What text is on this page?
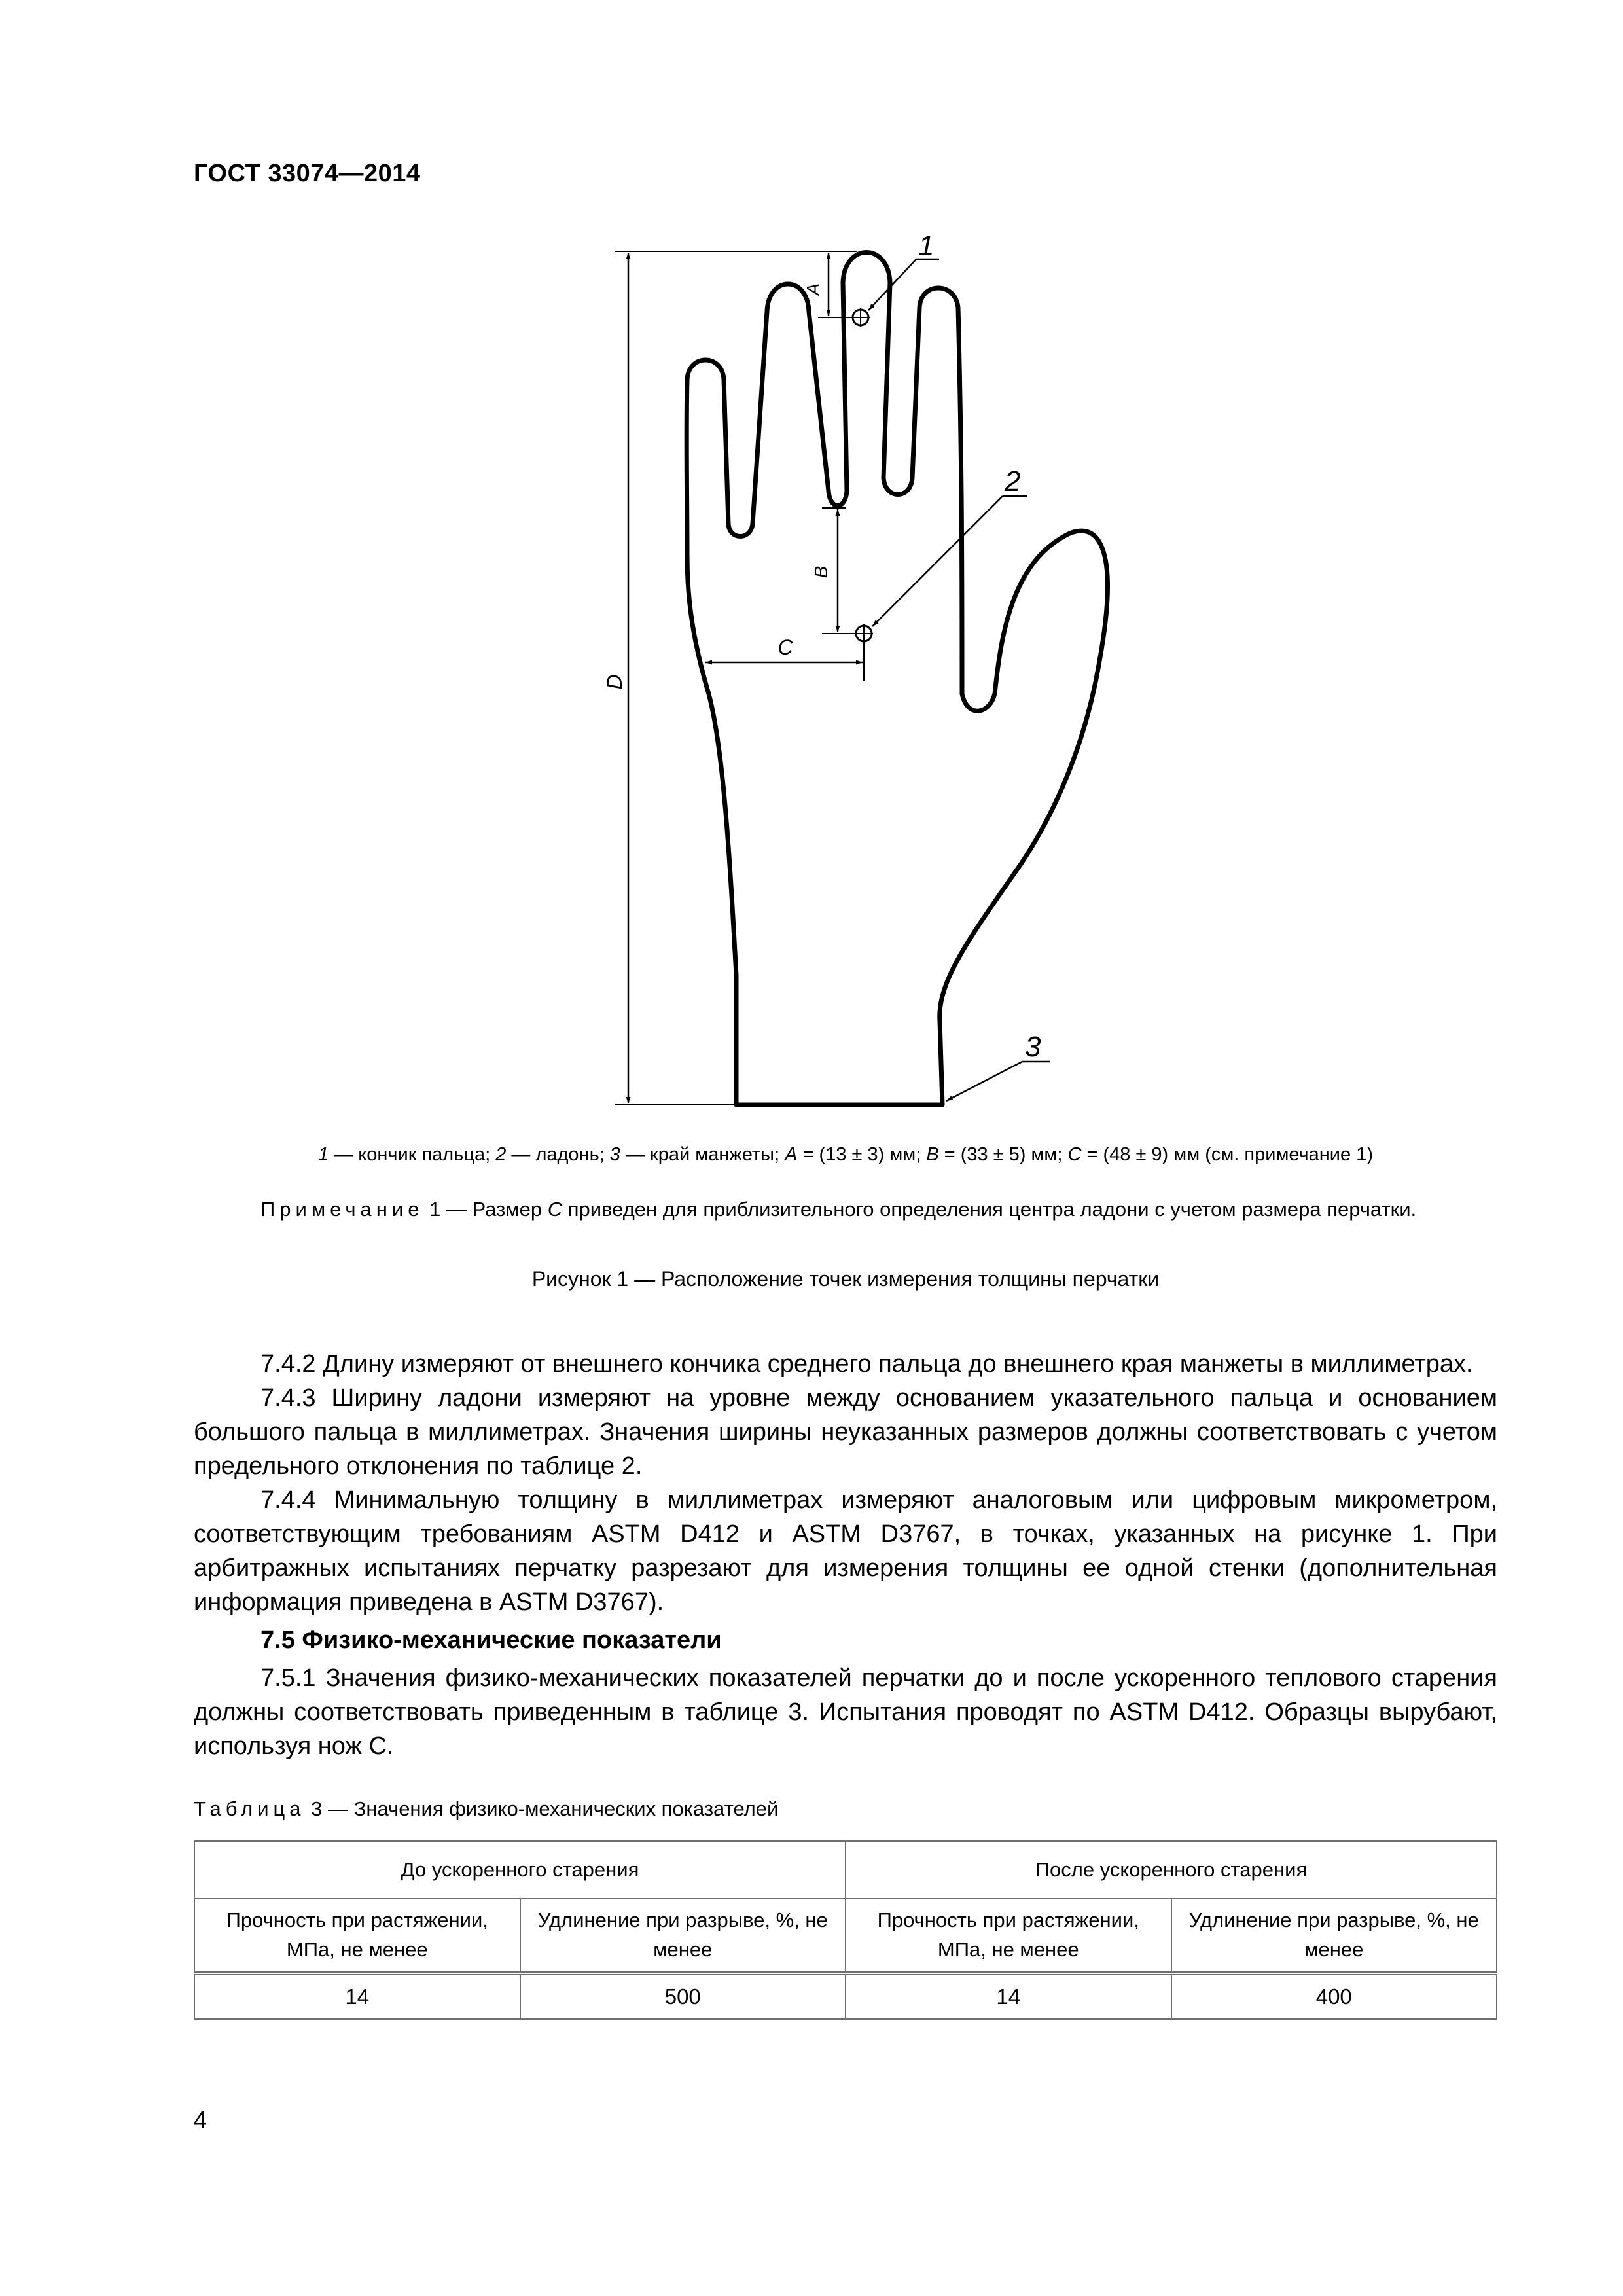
ГОСТ 33074—2014
D
A
B
C
1
2
3
1 — кончик пальца; 2 — ладонь; 3 — край манжеты; A = (13 ± 3) мм; B = (33 ± 5) мм; C = (48 ± 9) мм (см. примечание 1)
Примечание 1 — Размер C приведен для приблизительного определения центра ладони с учетом размера перчатки.
Рисунок 1 — Расположение точек измерения толщины перчатки

7.4.2 Длину измеряют от внешнего кончика среднего пальца до внешнего края манжеты в миллиметрах.

7.4.3 Ширину ладони измеряют на уровне между основанием указательного пальца и основанием большого пальца в миллиметрах. Значения ширины неуказанных размеров должны соответствовать с учетом предельного отклонения по таблице 2.

7.4.4 Минимальную толщину в миллиметрах измеряют аналоговым или цифровым микрометром, соответствующим требованиям ASTM D412 и ASTM D3767, в точках, указанных на рисунке 1. При арбитражных испытаниях перчатку разрезают для измерения толщины ее одной стенки (дополнительная информация приведена в ASTM D3767).

7.5 Физико-механические показатели

7.5.1 Значения физико-механических показателей перчатки до и после ускоренного теплового старения должны соответствовать приведенным в таблице 3. Испытания проводят по ASTM D412. Образцы вырубают, используя нож C.

Таблица 3 — Значения физико-механических показателей
До ускоренного старения		После ускоренного старения	
Прочность при растяжении, МПа, не менее	Удлинение при разрыве, %, не менее	Прочность при растяжении, МПа, не менее	Удлинение при разрыве, %, не менее
14	500	14	400
4
